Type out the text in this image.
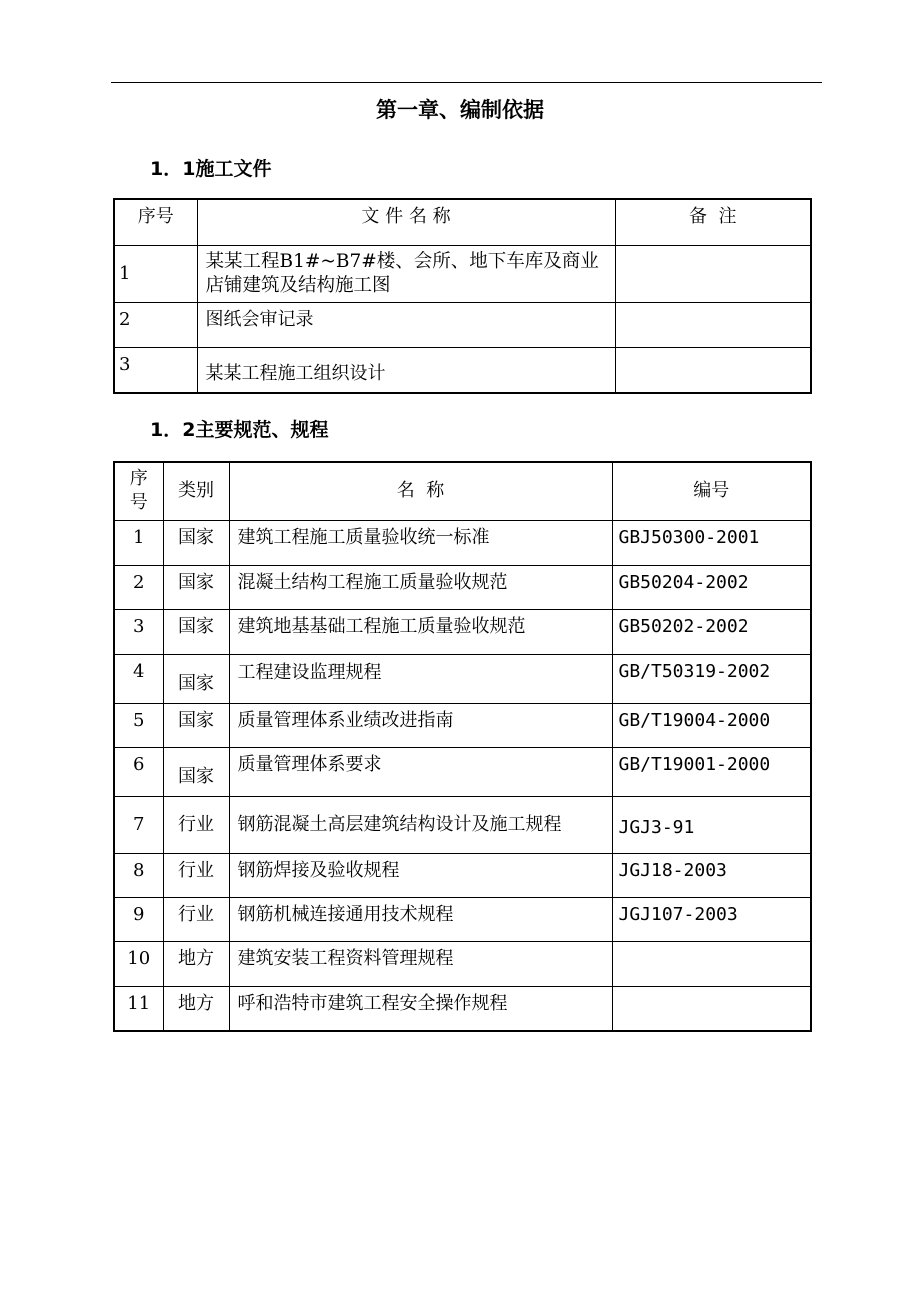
第一章、编制依据
1．1施工文件
序号	文 件 名 称	备  注
1	某某工程B1#~B7#楼、会所、地下车库及商业店铺建筑及结构施工图	
2	图纸会审记录	
3	某某工程施工组织设计	
1．2主要规范、规程
序号	类别	名  称	编号
1	国家	建筑工程施工质量验收统一标准	GBJ50300-2001
2	国家	混凝土结构工程施工质量验收规范	GB50204-2002
3	国家	建筑地基基础工程施工质量验收规范	GB50202-2002
4	国家	工程建设监理规程	GB/T50319-2002
5	国家	质量管理体系业绩改进指南	GB/T19004-2000
6	国家	质量管理体系要求	GB/T19001-2000
7	行业	钢筋混凝土高层建筑结构设计及施工规程	JGJ3-91
8	行业	钢筋焊接及验收规程	JGJ18-2003
9	行业	钢筋机械连接通用技术规程	JGJ107-2003
10	地方	建筑安装工程资料管理规程	
11	地方	呼和浩特市建筑工程安全操作规程	
